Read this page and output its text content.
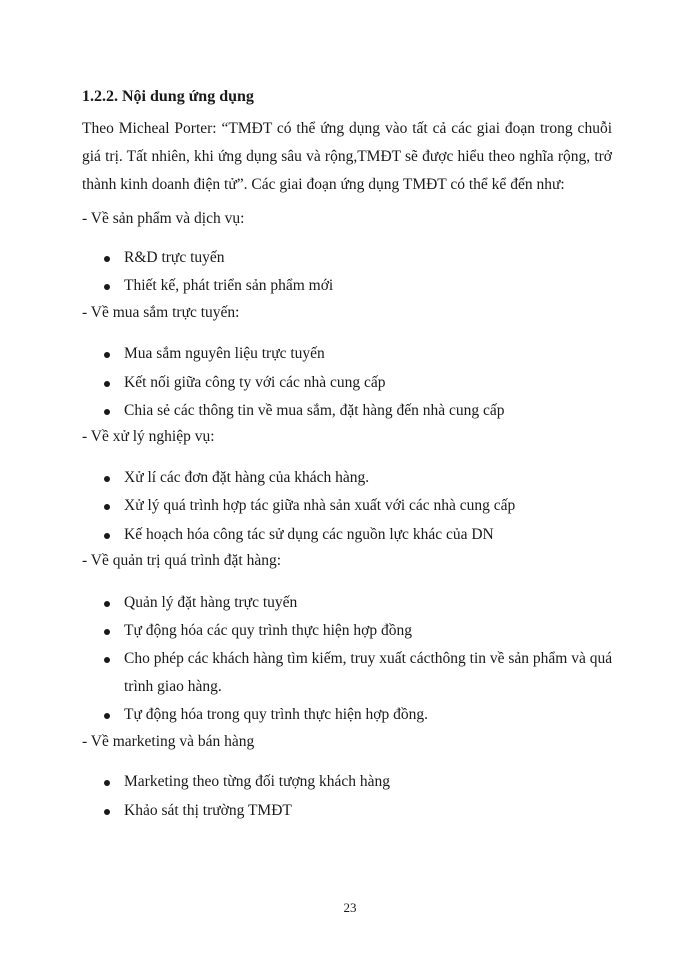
1.2.2. Nội dung ứng dụng
Theo Micheal Porter: “TMĐT có thể ứng dụng vào tất cả các giai đoạn trong chuỗi giá trị. Tất nhiên, khi ứng dụng sâu và rộng,TMĐT sẽ được hiểu theo nghĩa rộng, trở thành kinh doanh điện tử”. Các giai đoạn ứng dụng TMĐT có thể kể đến như:
- Về sản phẩm và dịch vụ:
R&D trực tuyến
Thiết kế, phát triển sản phẩm mới
- Về mua sắm trực tuyến:
Mua sắm nguyên liệu trực tuyến
Kết nối giữa công ty với các nhà cung cấp
Chia sẻ các thông tin về mua sắm, đặt hàng đến nhà cung cấp
- Về xử lý nghiệp vụ:
Xử lí các đơn đặt hàng của khách hàng.
Xử lý quá trình hợp tác giữa nhà sản xuất với các nhà cung cấp
Kế hoạch hóa công tác sử dụng các nguồn lực khác của DN
- Về quản trị quá trình đặt hàng:
Quản lý đặt hàng trực tuyến
Tự động hóa các quy trình thực hiện hợp đồng
Cho phép các khách hàng tìm kiếm, truy xuất cácthông tin về sản phẩm và quá trình giao hàng.
Tự động hóa trong quy trình thực hiện hợp đồng.
- Về marketing và bán hàng
Marketing theo từng đối tượng khách hàng
Khảo sát thị trường TMĐT
23
